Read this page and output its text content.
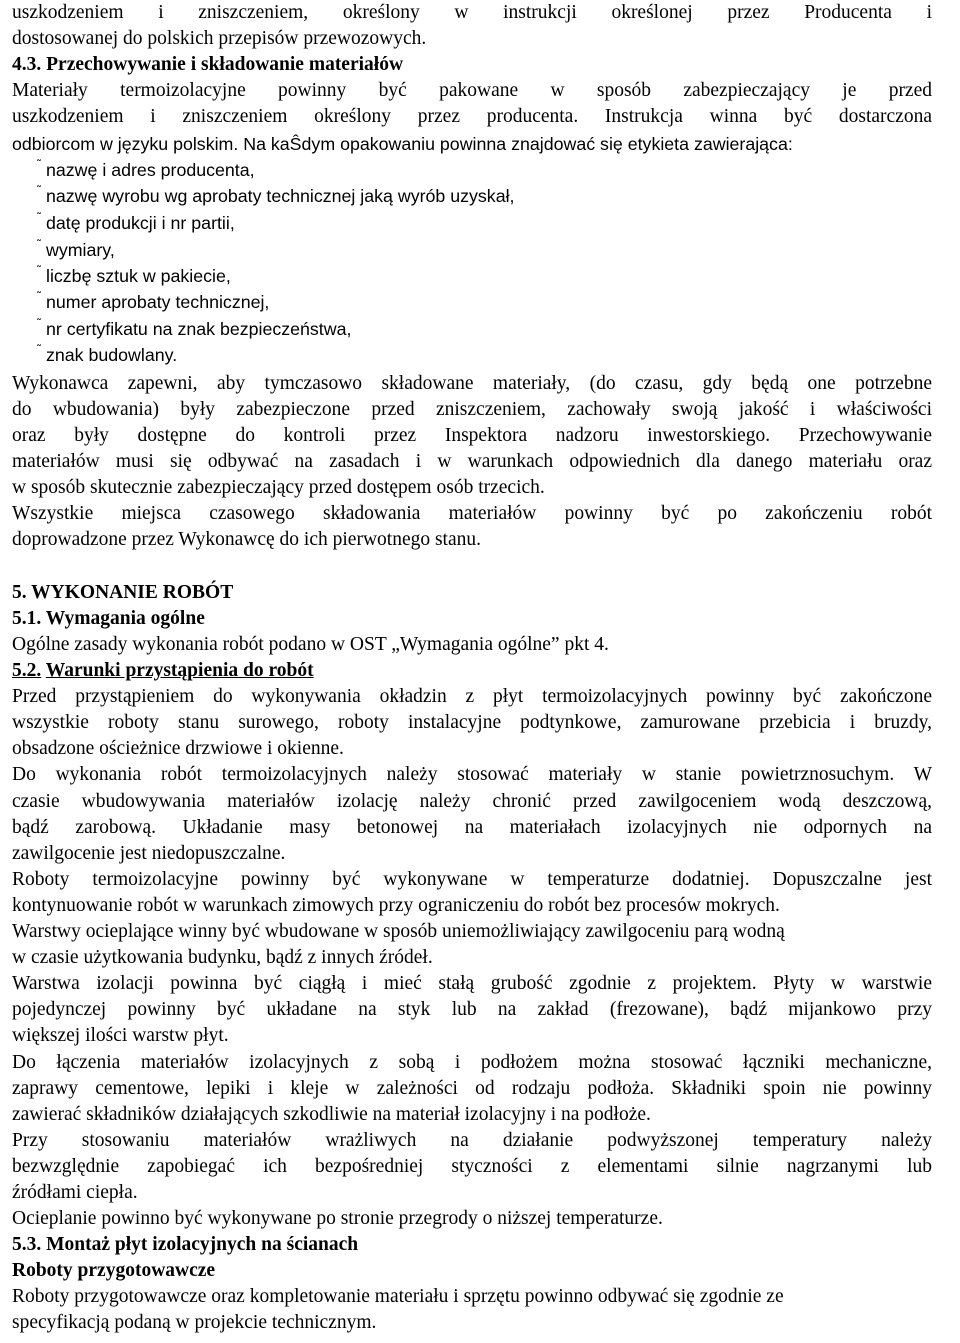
uszkodzeniem i zniszczeniem, określony w instrukcji określonej przez Producenta i
dostosowanej do polskich przepisów przewozowych.
4.3. Przechowywanie i składowanie materiałów
Materiały termoizolacyjne powinny być pakowane w sposób zabezpieczający je przed
uszkodzeniem i zniszczeniem określony przez producenta. Instrukcja winna być dostarczona
odbiorcom w języku polskim. Na kaŜdym opakowaniu powinna znajdować się etykieta zawierająca:
˜ nazwę i adres producenta,
˜ nazwę wyrobu wg aprobaty technicznej jaką wyrób uzyskał,
˜ datę produkcji i nr partii,
˜ wymiary,
˜ liczbę sztuk w pakiecie,
˜ numer aprobaty technicznej,
˜ nr certyfikatu na znak bezpieczeństwa,
˜ znak budowlany.
Wykonawca zapewni, aby tymczasowo składowane materiały, (do czasu, gdy będą one potrzebne
do wbudowania) były zabezpieczone przed zniszczeniem, zachowały swoją jakość i właściwości
oraz były dostępne do kontroli przez Inspektora nadzoru inwestorskiego. Przechowywanie
materiałów musi się odbywać na zasadach i w warunkach odpowiednich dla danego materiału oraz
w sposób skutecznie zabezpieczający przed dostępem osób trzecich.
Wszystkie miejsca czasowego składowania materiałów powinny być po zakończeniu robót
doprowadzone przez Wykonawcę do ich pierwotnego stanu.
5. WYKONANIE ROBÓT
5.1. Wymagania ogólne
Ogólne zasady wykonania robót podano w OST „Wymagania ogólne” pkt 4.
5.2. Warunki przystąpienia do robót
Przed przystąpieniem do wykonywania okładzin z płyt termoizolacyjnych powinny być zakończone
wszystkie roboty stanu surowego, roboty instalacyjne podtynkowe, zamurowane przebicia i bruzdy,
obsadzone ościeżnice drzwiowe i okienne.
Do wykonania robót termoizolacyjnych należy stosować materiały w stanie powietrznosuchym. W
czasie wbudowywania materiałów izolację należy chronić przed zawilgoceniem wodą deszczową,
bądź zarobową. Układanie masy betonowej na materiałach izolacyjnych nie odpornych na
zawilgocenie jest niedopuszczalne.
Roboty termoizolacyjne powinny być wykonywane w temperaturze dodatniej. Dopuszczalne jest
kontynuowanie robót w warunkach zimowych przy ograniczeniu do robót bez procesów mokrych.
Warstwy ocieplające winny być wbudowane w sposób uniemożliwiający zawilgoceniu parą wodną
w czasie użytkowania budynku, bądź z innych źródeł.
Warstwa izolacji powinna być ciągłą i mieć stałą grubość zgodnie z projektem. Płyty w warstwie
pojedynczej powinny być układane na styk lub na zakład (frezowane), bądź mijankowo przy
większej ilości warstw płyt.
Do łączenia materiałów izolacyjnych z sobą i podłożem można stosować łączniki mechaniczne,
zaprawy cementowe, lepiki i kleje w zależności od rodzaju podłoża. Składniki spoin nie powinny
zawierać składników działających szkodliwie na materiał izolacyjny i na podłoże.
Przy stosowaniu materiałów wrażliwych na działanie podwyższonej temperatury należy
bezwzględnie zapobiegać ich bezpośredniej styczności z elementami silnie nagrzanymi lub
źródłami ciepła.
Ocieplanie powinno być wykonywane po stronie przegrody o niższej temperaturze.
5.3. Montaż płyt izolacyjnych na ścianach
Roboty przygotowawcze
Roboty przygotowawcze oraz kompletowanie materiału i sprzętu powinno odbywać się zgodnie ze
specyfikacją podaną w projekcie technicznym.
